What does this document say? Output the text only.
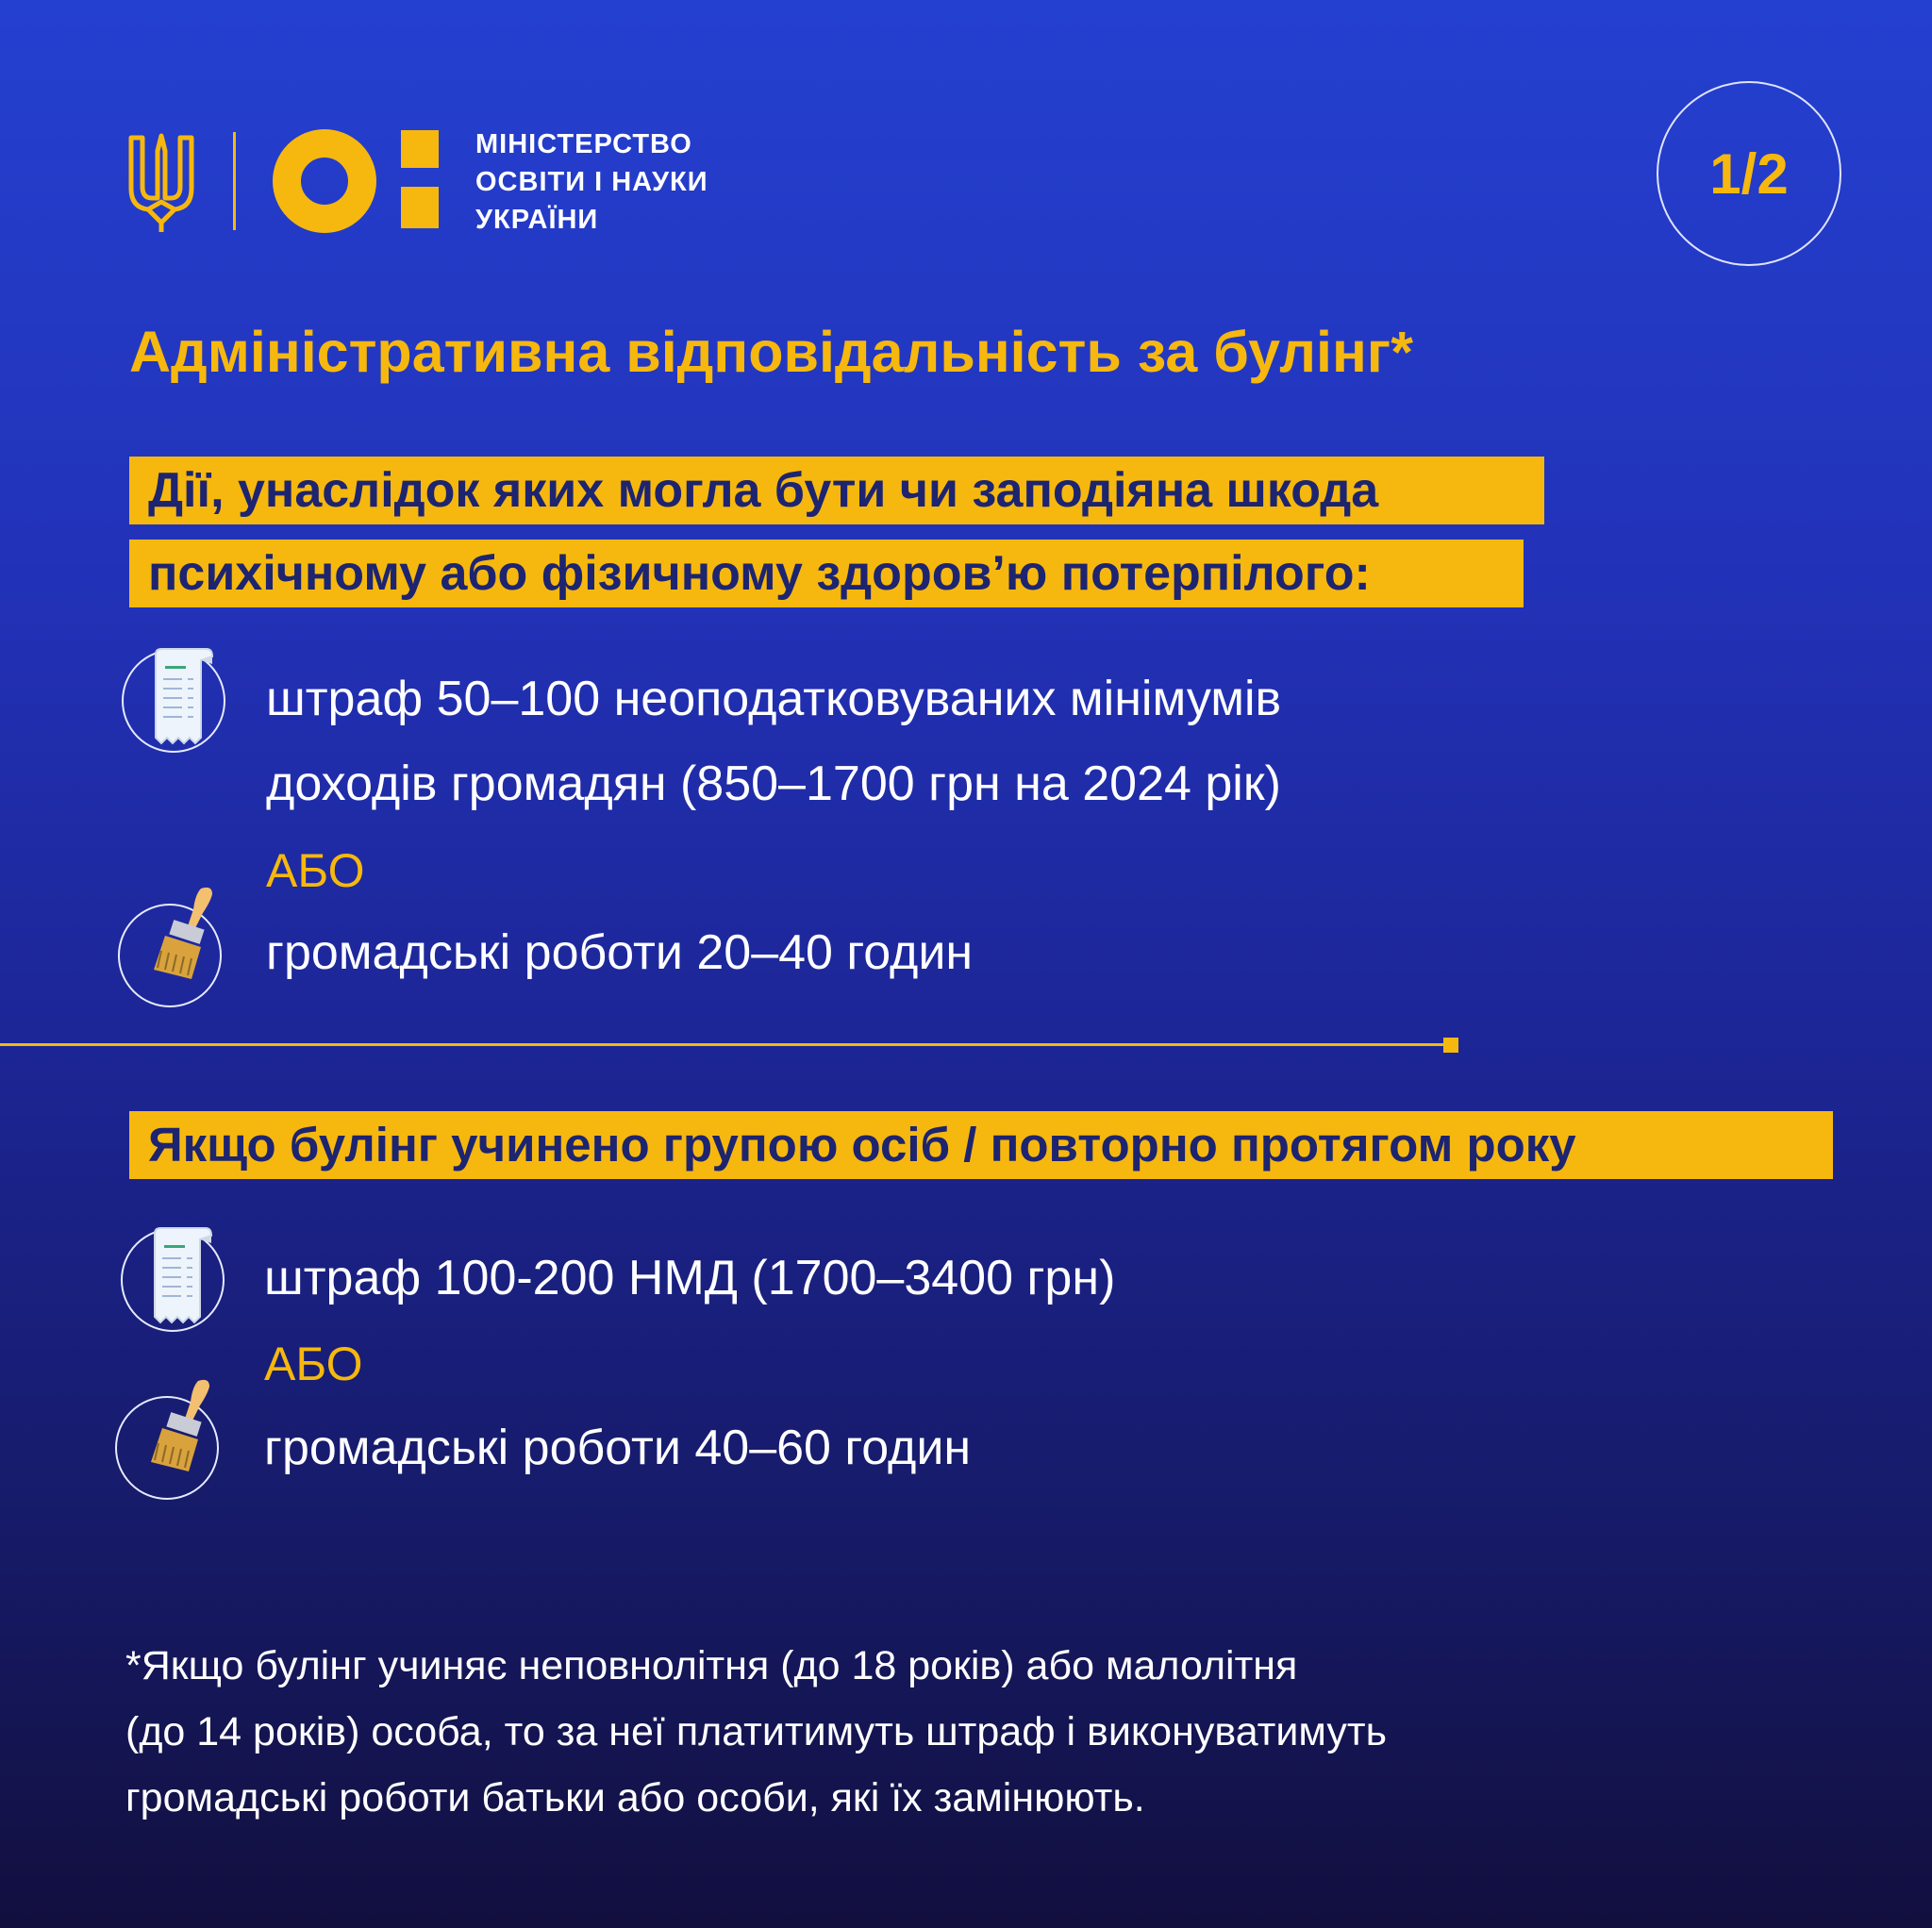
МІНІСТЕРСТВО
ОСВІТИ І НАУКИ
УКРАЇНИ
1/2
Адміністративна відповідальність за булінг*
Дії, унаслідок яких могла бути чи заподіяна шкода
психічному або фізичному здоров’ю потерпілого:
штраф 50–100 неоподатковуваних мінімумів
доходів громадян (850–1700 грн на 2024 рік)
АБО
громадські роботи 20–40 годин
Якщо булінг учинено групою осіб / повторно протягом року
штраф 100-200 НМД (1700–3400 грн)
АБО
громадські роботи 40–60 годин
*Якщо булінг учиняє неповнолітня (до 18 років) або малолітня
(до 14 років) особа, то за неї платитимуть штраф і виконуватимуть
громадські роботи батьки або особи, які їх замінюють.
